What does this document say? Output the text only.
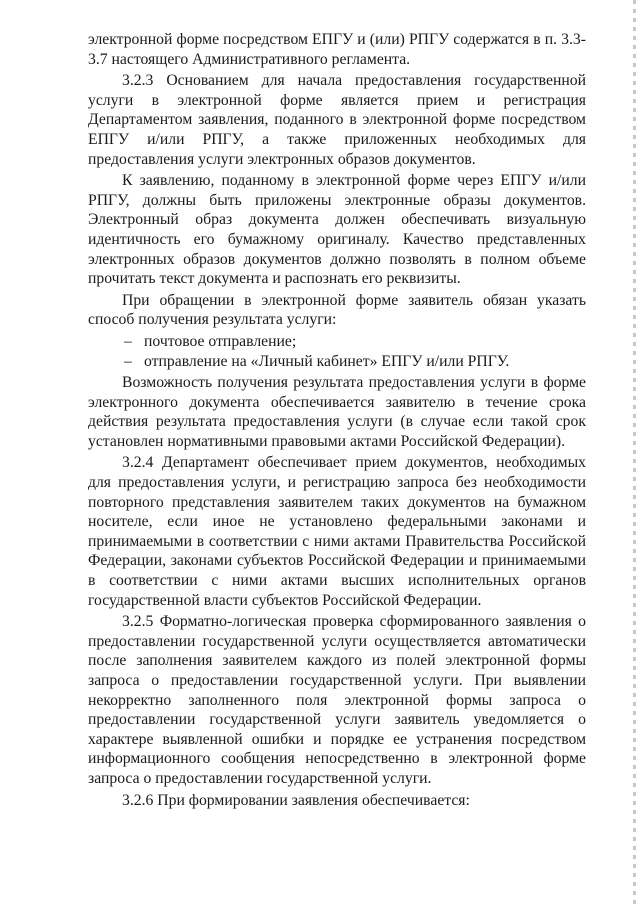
электронной форме посредством ЕПГУ и (или) РПГУ содержатся в п. 3.3-3.7 настоящего Административного регламента.

3.2.3 Основанием для начала предоставления государственной услуги в электронной форме является прием и регистрация Департаментом заявления, поданного в электронной форме посредством ЕПГУ и/или РПГУ, а также приложенных необходимых для предоставления услуги электронных образов документов.

К заявлению, поданному в электронной форме через ЕПГУ и/или РПГУ, должны быть приложены электронные образы документов. Электронный образ документа должен обеспечивать визуальную идентичность его бумажному оригиналу. Качество представленных электронных образов документов должно позволять в полном объеме прочитать текст документа и распознать его реквизиты.

При обращении в электронной форме заявитель обязан указать способ получения результата услуги:

– почтовое отправление;

– отправление на «Личный кабинет» ЕПГУ и/или РПГУ.

Возможность получения результата предоставления услуги в форме электронного документа обеспечивается заявителю в течение срока действия результата предоставления услуги (в случае если такой срок установлен нормативными правовыми актами Российской Федерации).

3.2.4 Департамент обеспечивает прием документов, необходимых для предоставления услуги, и регистрацию запроса без необходимости повторного представления заявителем таких документов на бумажном носителе, если иное не установлено федеральными законами и принимаемыми в соответствии с ними актами Правительства Российской Федерации, законами субъектов Российской Федерации и принимаемыми в соответствии с ними актами высших исполнительных органов государственной власти субъектов Российской Федерации.

3.2.5 Форматно-логическая проверка сформированного заявления о предоставлении государственной услуги осуществляется автоматически после заполнения заявителем каждого из полей электронной формы запроса о предоставлении государственной услуги. При выявлении некорректно заполненного поля электронной формы запроса о предоставлении государственной услуги заявитель уведомляется о характере выявленной ошибки и порядке ее устранения посредством информационного сообщения непосредственно в электронной форме запроса о предоставлении государственной услуги.

3.2.6 При формировании заявления обеспечивается:
